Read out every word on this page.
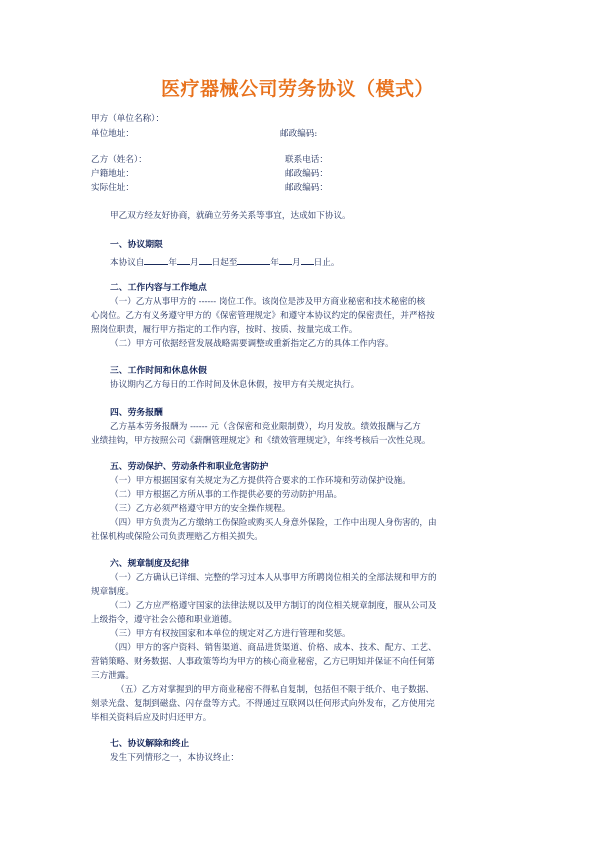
医疗器械公司劳务协议（模式）
甲方（单位名称）：
单位地址：	邮政编码:
乙方（姓名）：	联系电话：
户籍地址：	邮政编码：
实际住址：	邮政编码：
甲乙双方经友好协商，就确立劳务关系等事宜，达成如下协议。
一、协议期限
本协议自	年 月 日起至	年 月 日止。
二、工作内容与工作地点
（一）乙方从事甲方的 ------ 岗位工作。该岗位是涉及甲方商业秘密和技术秘密的核
心岗位。乙方有义务遵守甲方的《保密管理规定》和遵守本协议约定的保密责任，并严格按
照岗位职责，履行甲方指定的工作内容，按时、按质、按量完成工作。
（二）甲方可依据经营发展战略需要调整或重新指定乙方的具体工作内容。
三、工作时间和休息休假
协议期内乙方每日的工作时间及休息休假，按甲方有关规定执行。
四、劳务报酬
乙方基本劳务报酬为 ------ 元（含保密和竞业限制费），均月发放。绩效报酬与乙方
业绩挂钩，甲方按照公司《薪酬管理规定》和《绩效管理规定》，年终考核后一次性兑现。
五、劳动保护、劳动条件和职业危害防护
（一）甲方根据国家有关规定为乙方提供符合要求的工作环境和劳动保护设施。
（二）甲方根据乙方所从事的工作提供必要的劳动防护用品。
（三）乙方必须严格遵守甲方的安全操作规程。
（四）甲方负责为乙方缴纳工伤保险或购买人身意外保险，工作中出现人身伤害的，由
社保机构或保险公司负责理赔乙方相关损失。
六、规章制度及纪律
（一）乙方确认已详细、完整的学习过本人从事甲方所聘岗位相关的全部法规和甲方的
规章制度。
（二）乙方应严格遵守国家的法律法规以及甲方制订的岗位相关规章制度，服从公司及
上级指令，遵守社会公德和职业道德。
（三）甲方有权按国家和本单位的规定对乙方进行管理和奖惩。
（四）甲方的客户资料、销售渠道、商品进货渠道、价格、成本、技术、配方、工艺、
营销策略、财务数据、人事政策等均为甲方的核心商业秘密，乙方已明知并保证不向任何第
三方泄露。
（五）乙方对掌握到的甲方商业秘密不得私自复制，包括但不限于纸介、电子数据、
刻录光盘、复制到磁盘、闪存盘等方式。不得通过互联网以任何形式向外发布，乙方使用完
毕相关资料后应及时归还甲方。
七、协议解除和终止
发生下列情形之一，本协议终止：
